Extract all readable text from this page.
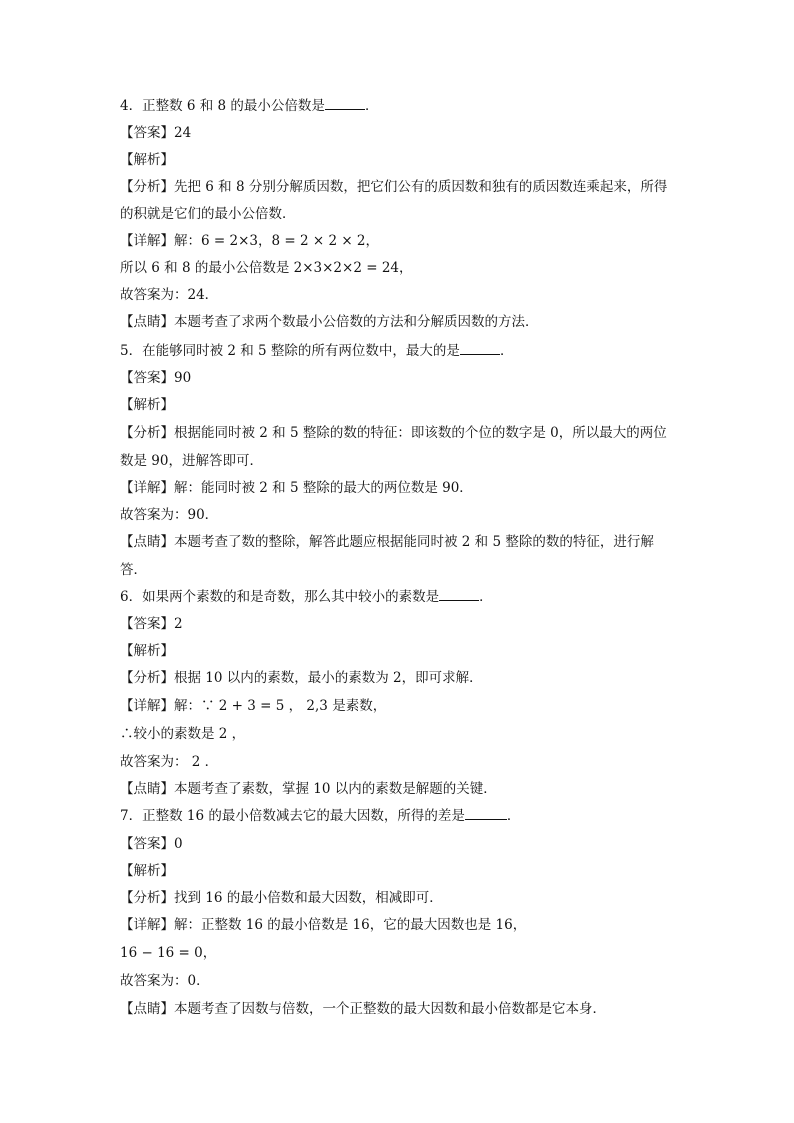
4．正整数 6 和 8 的最小公倍数是	．
【答案】24
【解析】
【分析】先把 6 和 8 分别分解质因数，把它们公有的质因数和独有的质因数连乘起来，所得
的积就是它们的最小公倍数．
【详解】解：6 = 2×3，8 = 2 × 2 × 2，
所以 6 和 8 的最小公倍数是 2×3×2×2 = 24，
故答案为：24．
【点睛】本题考查了求两个数最小公倍数的方法和分解质因数的方法．
5．在能够同时被 2 和 5 整除的所有两位数中，最大的是	．
【答案】90
【解析】
【分析】根据能同时被 2 和 5 整除的数的特征：即该数的个位的数字是 0，所以最大的两位
数是 90，进解答即可．
【详解】解：能同时被 2 和 5 整除的最大的两位数是 90．
故答案为：90．
【点睛】本题考查了数的整除，解答此题应根据能同时被 2 和 5 整除的数的特征，进行解
答．
6．如果两个素数的和是奇数，那么其中较小的素数是	．
【答案】2
【解析】
【分析】根据 10 以内的素数，最小的素数为 2，即可求解．
【详解】解：∵ 2 + 3 = 5 ， 2,3 是素数，
∴较小的素数是 2 ，
故答案为： 2 ．
【点睛】本题考查了素数，掌握 10 以内的素数是解题的关键．
7．正整数 16 的最小倍数减去它的最大因数，所得的差是	．
【答案】0
【解析】
【分析】找到 16 的最小倍数和最大因数，相减即可．
【详解】解：正整数 16 的最小倍数是 16，它的最大因数也是 16，
16 − 16 = 0，
故答案为：0．
【点睛】本题考查了因数与倍数，一个正整数的最大因数和最小倍数都是它本身．
